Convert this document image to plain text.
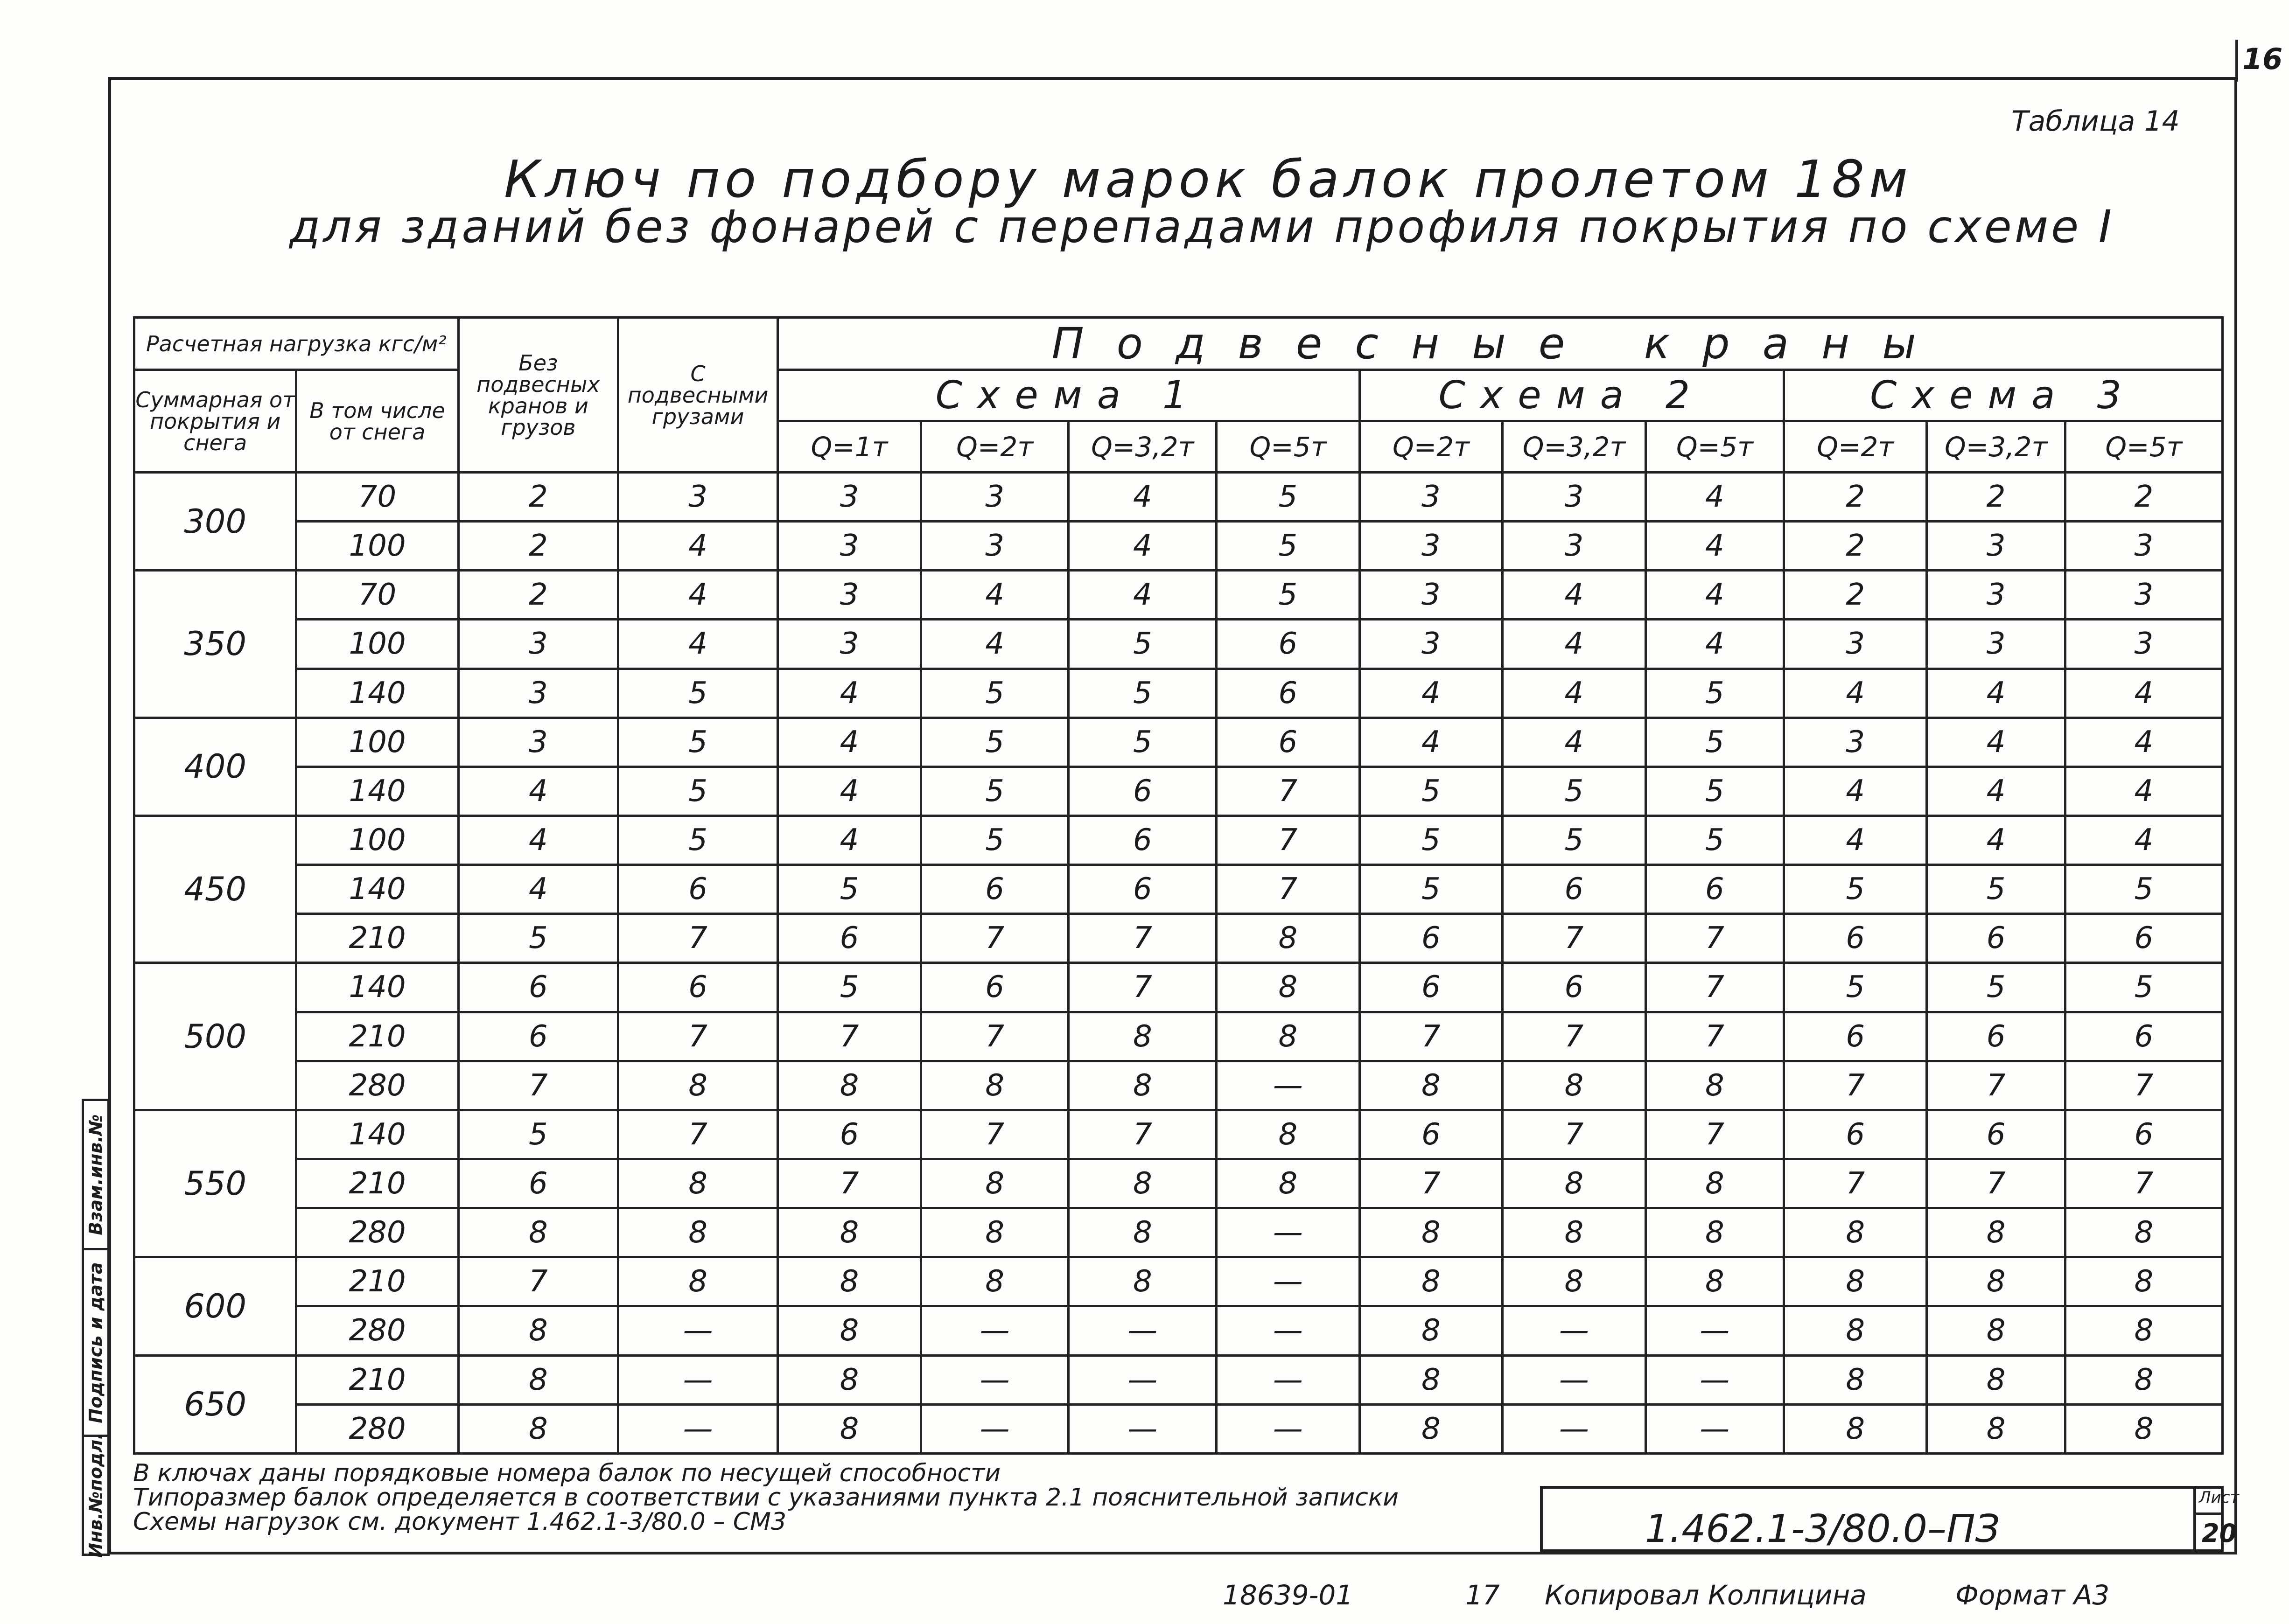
16
Таблица 14
Ключ по подбору марок балок пролетом 18м
для зданий без фонарей с перепадами профиля покрытия по схеме I
Расчетная нагрузка кгс/м²		Без подвесных кранов и грузов	С подвесными грузами	Подвесные краны									
Суммарная от покрытия и снега	В том числе от снега			Схема 1				Схема 2			Схема 3		
				Q=1т	Q=2т	Q=3,2т	Q=5т	Q=2т	Q=3,2т	Q=5т	Q=2т	Q=3,2т	Q=5т
300	70	2	3	3	3	4	5	3	3	4	2	2	2
	100	2	4	3	3	4	5	3	3	4	2	3	3
350	70	2	4	3	4	4	5	3	4	4	2	3	3
	100	3	4	3	4	5	6	3	4	4	3	3	3
	140	3	5	4	5	5	6	4	4	5	4	4	4
400	100	3	5	4	5	5	6	4	4	5	3	4	4
	140	4	5	4	5	6	7	5	5	5	4	4	4
450	100	4	5	4	5	6	7	5	5	5	4	4	4
	140	4	6	5	6	6	7	5	6	6	5	5	5
	210	5	7	6	7	7	8	6	7	7	6	6	6
500	140	6	6	5	6	7	8	6	6	7	5	5	5
	210	6	7	7	7	8	8	7	7	7	6	6	6
	280	7	8	8	8	8	—	8	8	8	7	7	7
550	140	5	7	6	7	7	8	6	7	7	6	6	6
	210	6	8	7	8	8	8	7	8	8	7	7	7
	280	8	8	8	8	8	—	8	8	8	8	8	8
600	210	7	8	8	8	8	—	8	8	8	8	8	8
	280	8	—	8	—	—	—	8	—	—	8	8	8
650	210	8	—	8	—	—	—	8	—	—	8	8	8
	280	8	—	8	—	—	—	8	—	—	8	8	8
В ключах даны порядковые номера балок по несущей способности
Типоразмер балок определяется в соответствии с указаниями пункта 2.1 пояснительной записки
Схемы нагрузок см. документ 1.462.1-3/80.0 – СМ3	1.462.1-3/80.0–ПЗ
Лист
20
18639-01	17 Копировал Колпицина	Формат А3
Взам.инв.№
Подпись и дата
Инв.№подл.
